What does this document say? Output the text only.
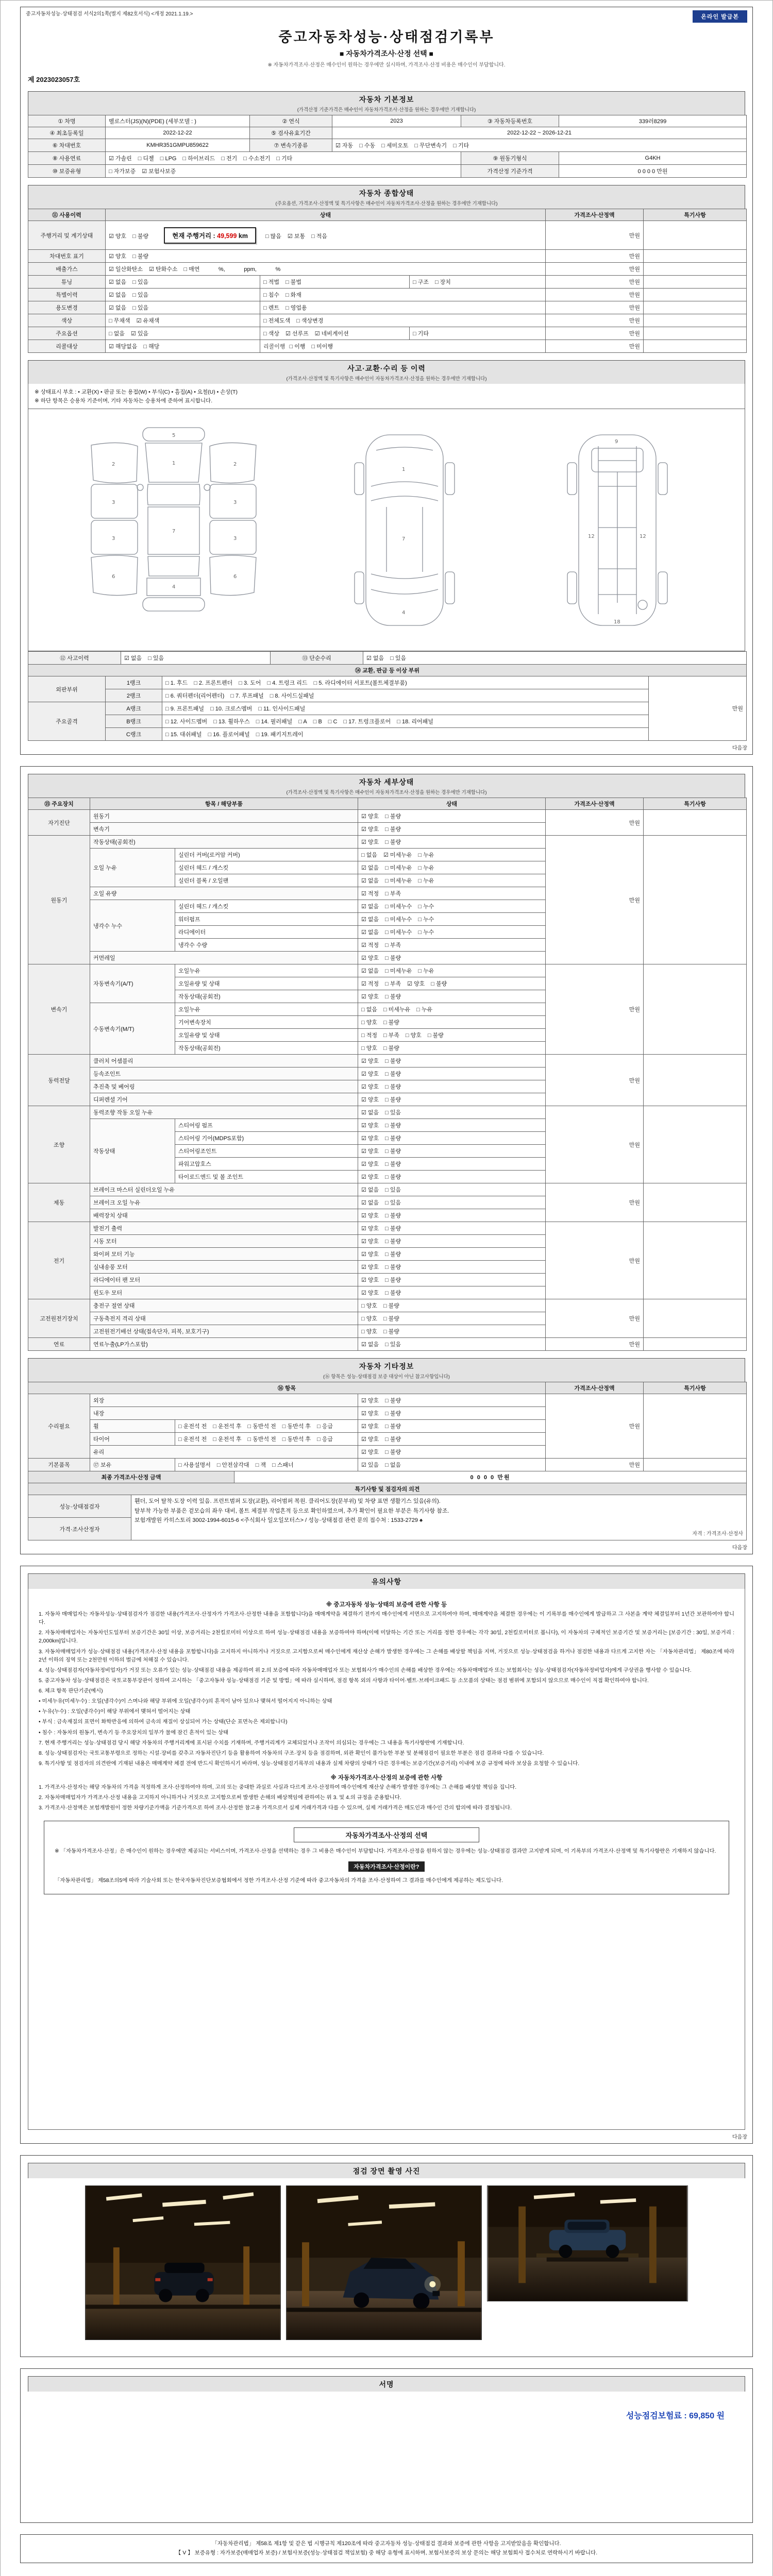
중고자동차성능·상태점검 서식2의1쪽(별지 제82호서식) <개정 2021.1.19.>	온라인 발급본
중고자동차성능·상태점검기록부
■ 자동차가격조사·산정 선택 ■
※ 자동차가격조사·산정은 매수인이 원하는 경우에만 실시하며, 가격조사·산정 비용은 매수인이 부담합니다.
제 2023023057호
자동차 기본정보
(가격산정 기준가격은 매수인이 자동차가격조사·산정을 원하는 경우에만 기재합니다)
① 차명	벨로스터(JS)(N)(PDE) (세부모델 : )	② 연식	2023	③ 자동차등록번호	339러8299
④ 최초등록일	2022-12-22	⑤ 검사유효기간	2022-12-22 ~ 2026-12-21		
⑥ 차대번호	KMHR351GMPU859622	⑦ 변속기종류	☑ 자동 □ 수동 □ 세미오토 □ 무단변속기 □ 기타		
⑧ 사용연료	☑ 가솔린 □ 디젤 □ LPG □ 하이브리드 □ 전기 □ 수소전기 □ 기타			⑨ 원동기형식	G4KH
⑩ 보증유형	□ 자가보증 ☑ 보험사보증			가격산정 기준가격	0 0 0 0 만원
자동차 종합상태
(주요옵션, 가격조사·산정액 및 특기사항은 매수인이 자동차가격조사·산정을 원하는 경우에만 기재합니다)
⑪ 사용이력	상태			가격조사·산정액	특기사항
주행거리 및 계기상태	☑ 양호 □ 불량 현재 주행거리 : 49,599 km □ 많음 ☑ 보통 □ 적음			만원	
차대번호 표기	☑ 양호 □ 불량			만원	
배출가스	☑ 일산화탄소 ☑ 탄화수소 □ 매연        %,            ppm,            %			만원	
튜닝	☑ 없음 □ 있음	□ 적법 □ 불법	□ 구조 □ 장치	만원	
특별이력	☑ 없음 □ 있음	□ 침수 □ 화재		만원	
용도변경	☑ 없음 □ 있음	□ 렌트 □ 영업용		만원	
색상	□ 무채색 ☑ 유채색	□ 전체도색 □ 색상변경		만원	
주요옵션	□ 없음 ☑ 있음	□ 색상 ☑ 선루프 ☑ 네비게이션	□ 기타	만원	
리콜대상	☑ 해당없음 □ 해당	리콜이행 □ 이행 □ 미이행		만원	
사고·교환·수리 등 이력
(가격조사·산정액 및 특기사항은 매수인이 자동차가격조사·산정을 원하는 경우에만 기재합니다)
※ 상태표시 부호 : • 교환(X) • 판금 또는 용접(W) • 부식(C) • 흠집(A) • 요철(U) • 손상(T)
※ 하단 항목은 승용차 기준이며, 기타 자동차는 승용차에 준하여 표시합니다.
5
1
7
4
2	2
3	3
6	6
3	3
1
7
4
9
12	12
18
⑫ 사고이력	☑ 없음 □ 있음	⑬ 단순수리	☑ 없음 □ 있음
⑭ 교환, 판금 등 이상 부위			
외판부위	1랭크	□ 1. 후드 □ 2. 프론트펜더 □ 3. 도어 □ 4. 트렁크 리드 □ 5. 라디에이터 서포트(볼트체결부품)	만원
	2랭크	□ 6. 쿼터펜더(리어펜더) □ 7. 루프패널 □ 8. 사이드실패널	
주요골격	A랭크	□ 9. 프론트패널 □ 10. 크로스멤버 □ 11. 인사이드패널	
	B랭크	□ 12. 사이드멤버 □ 13. 휠하우스 □ 14. 필러패널 □ A □ B □ C □ 17. 트렁크플로어 □ 18. 리어패널	
	C랭크	□ 15. 대쉬패널 □ 16. 플로어패널 □ 19. 패키지트레이	
다음장
자동차 세부상태
(가격조사·산정액 및 특기사항은 매수인이 자동차가격조사·산정을 원하는 경우에만 기재합니다)
⑮ 주요장치	항목 / 해당부품		상태	가격조사·산정액	특기사항
자기진단	원동기		☑ 양호 □ 불량	만원	
	변속기		☑ 양호 □ 불량		
원동기	작동상태(공회전)		☑ 양호 □ 불량	만원	
	오일 누유	실린더 커버(로커암 커버)	□ 없음 ☑ 미세누유 □ 누유		
		실린더 헤드 / 개스킷	☑ 없음 □ 미세누유 □ 누유		
		실린더 블록 / 오일팬	☑ 없음 □ 미세누유 □ 누유		
	오일 유량		☑ 적정 □ 부족		
	냉각수 누수	실린더 헤드 / 개스킷	☑ 없음 □ 미세누수 □ 누수		
		워터펌프	☑ 없음 □ 미세누수 □ 누수		
		라디에이터	☑ 없음 □ 미세누수 □ 누수		
		냉각수 수량	☑ 적정 □ 부족		
	커먼레일		☑ 양호 □ 불량		
변속기	자동변속기(A/T)	오일누유	☑ 없음 □ 미세누유 □ 누유	만원	
		오일유량 및 상태	☑ 적정 □ 부족 ☑ 양호 □ 불량		
		작동상태(공회전)	☑ 양호 □ 불량		
	수동변속기(M/T)	오일누유	□ 없음 □ 미세누유 □ 누유		
		기어변속장치	□ 양호 □ 불량		
		오일유량 및 상태	□ 적정 □ 부족 □ 양호 □ 불량		
		작동상태(공회전)	□ 양호 □ 불량		
동력전달	클러치 어셈블리		☑ 양호 □ 불량	만원	
	등속조인트		☑ 양호 □ 불량		
	추진축 및 베어링		☑ 양호 □ 불량		
	디퍼렌셜 기어		☑ 양호 □ 불량		
조향	동력조향 작동 오일 누유		☑ 없음 □ 있음	만원	
	작동상태	스티어링 펌프	☑ 양호 □ 불량		
		스티어링 기어(MDPS포함)	☑ 양호 □ 불량		
		스티어링조인트	☑ 양호 □ 불량		
		파워고압호스	☑ 양호 □ 불량		
		타이로드엔드 및 볼 조인트	☑ 양호 □ 불량		
제동	브레이크 마스터 실린더오일 누유		☑ 없음 □ 있음	만원	
	브레이크 오일 누유		☑ 없음 □ 있음		
	배력장치 상태		☑ 양호 □ 불량		
전기	발전기 출력		☑ 양호 □ 불량	만원	
	시동 모터		☑ 양호 □ 불량		
	와이퍼 모터 기능		☑ 양호 □ 불량		
	실내송풍 모터		☑ 양호 □ 불량		
	라디에이터 팬 모터		☑ 양호 □ 불량		
	윈도우 모터		☑ 양호 □ 불량		
고전원전기장치	충전구 절연 상태		□ 양호 □ 불량	만원	
	구동축전지 격리 상태		□ 양호 □ 불량		
	고전원전기배선 상태(접속단자, 피복, 보호기구)		□ 양호 □ 불량		
연료	연료누출(LP가스포함)		☑ 없음 □ 있음	만원	
자동차 기타정보
(⑯ 항목은 성능·상태점검 보증 대상이 아닌 참고사항입니다)
⑯ 항목				가격조사·산정액	특기사항
수리필요	외장		☑ 양호 □ 불량	만원	
	내장		☑ 양호 □ 불량		
	휠	□ 운전석 전 □ 운전석 후 □ 동반석 전 □ 동반석 후 □ 응급	☑ 양호 □ 불량		
	타이어	□ 운전석 전 □ 운전석 후 □ 동반석 전 □ 동반석 후 □ 응급	☑ 양호 □ 불량		
	유리		☑ 양호 □ 불량		
기본품목	⑰ 보유	□ 사용설명서 □ 안전삼각대 □ 잭 □ 스패너	☑ 있음 □ 없음	만원	
최종 가격조사·산정 금액	0 0 0 0 만원
특기사항 및 점검자의 의견
성능·상태점검자	
휀더, 도어 탈착·도장 이력 있음. 프런트범퍼 도장(교환), 리어범퍼 복원. 클리어도장(문부위) 및 차량 표면 생활기스 있음(유의).
탈부착 가능한 부품은 겉모습의 좌우 대비, 볼트 체결부 작업흔적 등으로 확인하였으며, 추가 확인이 필요한 부분은 특기사항 참조.
보험개발원 카히스토리 3002-1994-6015-6 <주식회사 일오일모터스> / 성능·상태점검 관련 문의 접수처 : 1533-2729 ♠
자격 : 가격조사·산정사

가격·조사산정자
다음장
유의사항
※ 중고자동차 성능·상태의 보증에 관한 사항 등
1. 자동차 매매업자는 자동차성능·상태점검자가 점검한 내용(가격조사·산정자가 가격조사·산정한 내용을 포함합니다)을 매매계약을 체결하기 전까지 매수인에게 서면으로 고지하여야 하며, 매매계약을 체결한 경우에는 이 기록부를 매수인에게 발급하고 그 사본을 계약 체결일부터 1년간 보관하여야 합니다.
2. 자동차매매업자는 자동차인도일부터 보증기간은 30일 이상, 보증거리는 2천킬로미터 이상으로 하여 성능·상태점검 내용을 보증하여야 하며(이에 미달하는 기간 또는 거리를 정한 경우에는 각각 30일, 2천킬로미터로 봅니다), 이 자동차의 구체적인 보증기간 및 보증거리는 [보증기간 : 30일, 보증거리 : 2,000km]입니다.
3. 자동차매매업자가 성능·상태점검 내용(가격조사·산정 내용을 포함합니다)을 고지하지 아니하거나 거짓으로 고지함으로써 매수인에게 재산상 손해가 발생한 경우에는 그 손해를 배상할 책임을 지며, 거짓으로 성능·상태점검을 하거나 점검한 내용과 다르게 고지한 자는 「자동차관리법」 제80조에 따라 2년 이하의 징역 또는 2천만원 이하의 벌금에 처해질 수 있습니다.
4. 성능·상태점검자(자동차정비업자)가 거짓 또는 오류가 있는 성능·상태점검 내용을 제공하여 위 2.의 보증에 따라 자동차매매업자 또는 보험회사가 매수인의 손해를 배상한 경우에는 자동차매매업자 또는 보험회사는 성능·상태점검자(자동차정비업자)에게 구상권을 행사할 수 있습니다.
5. 중고자동차 성능·상태점검은 국토교통부장관이 정하여 고시하는 「중고자동차 성능·상태점검 기준 및 방법」에 따라 실시하며, 점검 항목 외의 사항과 타이어·벨트·브레이크패드 등 소모품의 상태는 점검 범위에 포함되지 않으므로 매수인이 직접 확인하여야 합니다.
6. 체크 항목 판단기준(예시)
• 미세누유(미세누수) : 오일(냉각수)이 스며나와 해당 부위에 오일(냉각수)의 흔적이 남아 있으나 맺혀서 떨어지지 아니하는 상태
• 누유(누수) : 오일(냉각수)이 해당 부위에서 맺혀서 떨어지는 상태
• 부식 : 금속재질의 표면이 화학반응에 의하여 금속의 재질이 상실되어 가는 상태(단순 표면녹은 제외합니다)
• 침수 : 자동차의 원동기, 변속기 등 주요장치의 일부가 물에 잠긴 흔적이 있는 상태
7. 현재 주행거리는 성능·상태점검 당시 해당 자동차의 주행거리계에 표시된 수치를 기재하며, 주행거리계가 교체되었거나 조작이 의심되는 경우에는 그 내용을 특기사항란에 기재합니다.
8. 성능·상태점검자는 국토교통부령으로 정하는 시설·장비를 갖추고 자동차진단기 등을 활용하여 자동차의 구조·장치 등을 점검하며, 외관 확인이 불가능한 부분 및 분해점검이 필요한 부분은 점검 결과와 다를 수 있습니다.
9. 특기사항 및 점검자의 의견란에 기재된 내용은 매매계약 체결 전에 반드시 확인하시기 바라며, 성능·상태점검기록부의 내용과 실제 차량의 상태가 다른 경우에는 보증기간(보증거리) 이내에 보증 규정에 따라 보상을 요청할 수 있습니다.
※ 자동차가격조사·산정의 보증에 관한 사항
1. 가격조사·산정자는 해당 자동차의 가격을 적정하게 조사·산정하여야 하며, 고의 또는 중대한 과실로 사실과 다르게 조사·산정하여 매수인에게 재산상 손해가 발생한 경우에는 그 손해를 배상할 책임을 집니다.
2. 자동차매매업자가 가격조사·산정 내용을 고지하지 아니하거나 거짓으로 고지함으로써 발생한 손해의 배상책임에 관하여는 위 3. 및 4.의 규정을 준용합니다.
3. 가격조사·산정액은 보험개발원이 정한 차량기준가액을 기준가격으로 하여 조사·산정한 참고용 가격으로서 실제 거래가격과 다를 수 있으며, 실제 거래가격은 매도인과 매수인 간의 합의에 따라 결정됩니다.
자동차가격조사·산정의 선택
※ 「자동차가격조사·산정」은 매수인이 원하는 경우에만 제공되는 서비스이며, 가격조사·산정을 선택하는 경우 그 비용은 매수인이 부담합니다. 가격조사·산정을 원하지 않는 경우에는 성능·상태점검 결과만 고지받게 되며, 이 기록부의 가격조사·산정액 및 특기사항란은 기재하지 않습니다.
자동차가격조사·산정이란?
「자동차관리법」 제58조의5에 따라 기술사회 또는 한국자동차진단보증협회에서 정한 가격조사·산정 기준에 따라 중고자동차의 가격을 조사·산정하여 그 결과를 매수인에게 제공하는 제도입니다.
다음장
점검 장면 촬영 사진
서명
성능점검보험료 : 69,850 원
「자동차관리법」 제58조 제1항 및 같은 법 시행규칙 제120조에 따라 중고자동차 성능·상태점검 결과와 보증에 관한 사항을 고지받았음을 확인합니다.
【 V 】 보증유형 : 자가보증(매매업자 보증) / 보험사보증(성능·상태점검 책임보험) 중 해당 유형에 표시하며, 보험사보증의 보상 문의는 해당 보험회사 접수처로 연락하시기 바랍니다.
